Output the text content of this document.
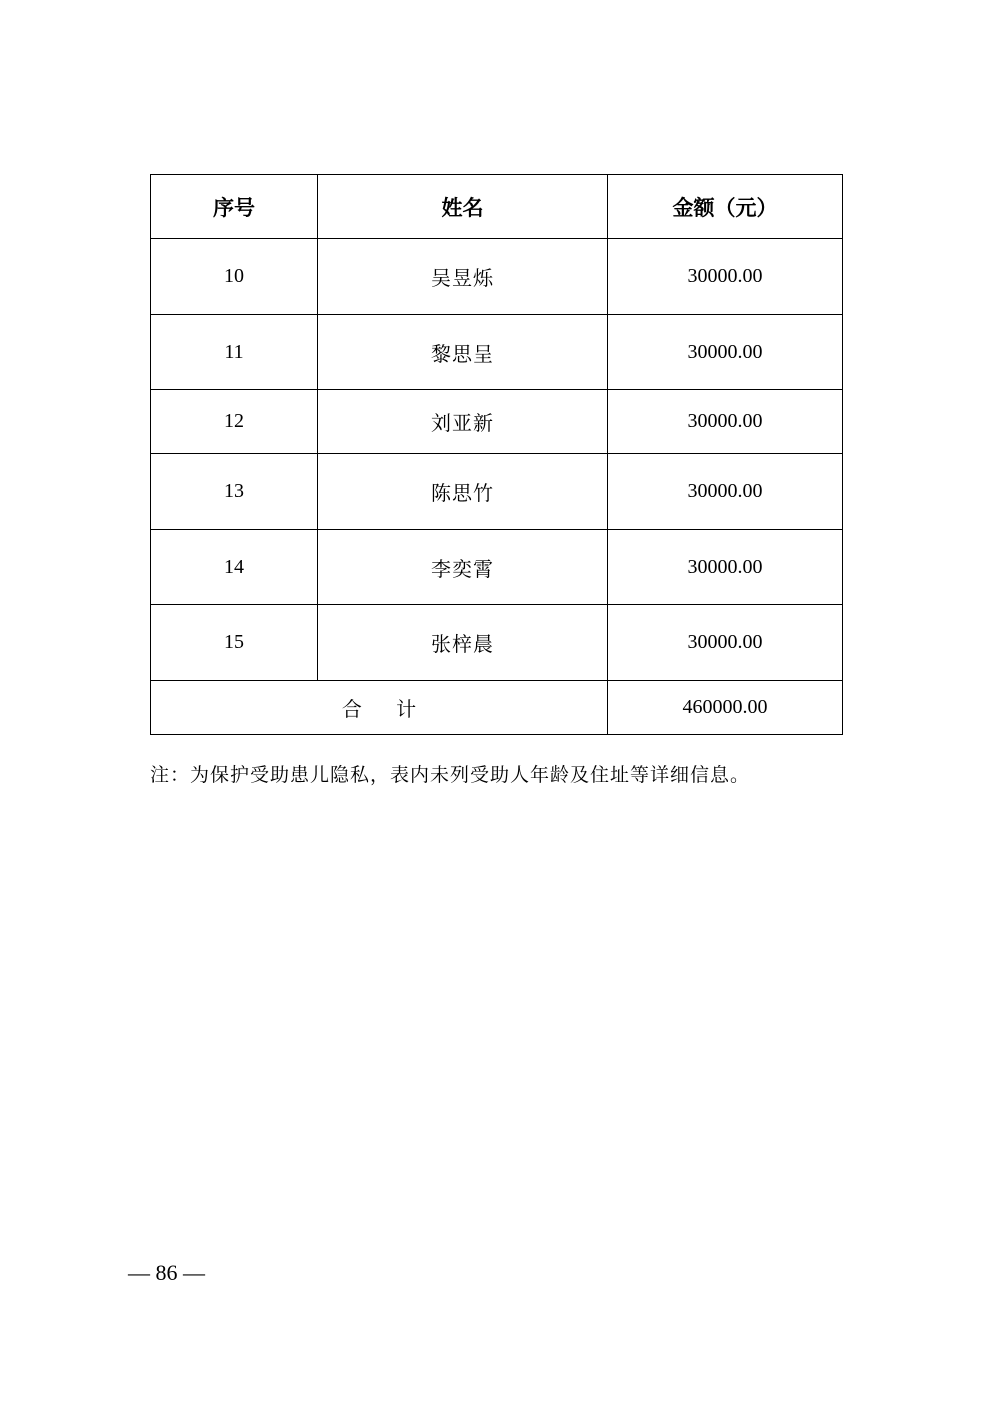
序号	姓名	金额（元）
10	吴昱烁	30000.00
11	黎思呈	30000.00
12	刘亚新	30000.00
13	陈思竹	30000.00
14	李奕霄	30000.00
15	张梓晨	30000.00
合 计		460000.00
注：为保护受助患儿隐私，表内未列受助人年龄及住址等详细信息。
— 86 —
